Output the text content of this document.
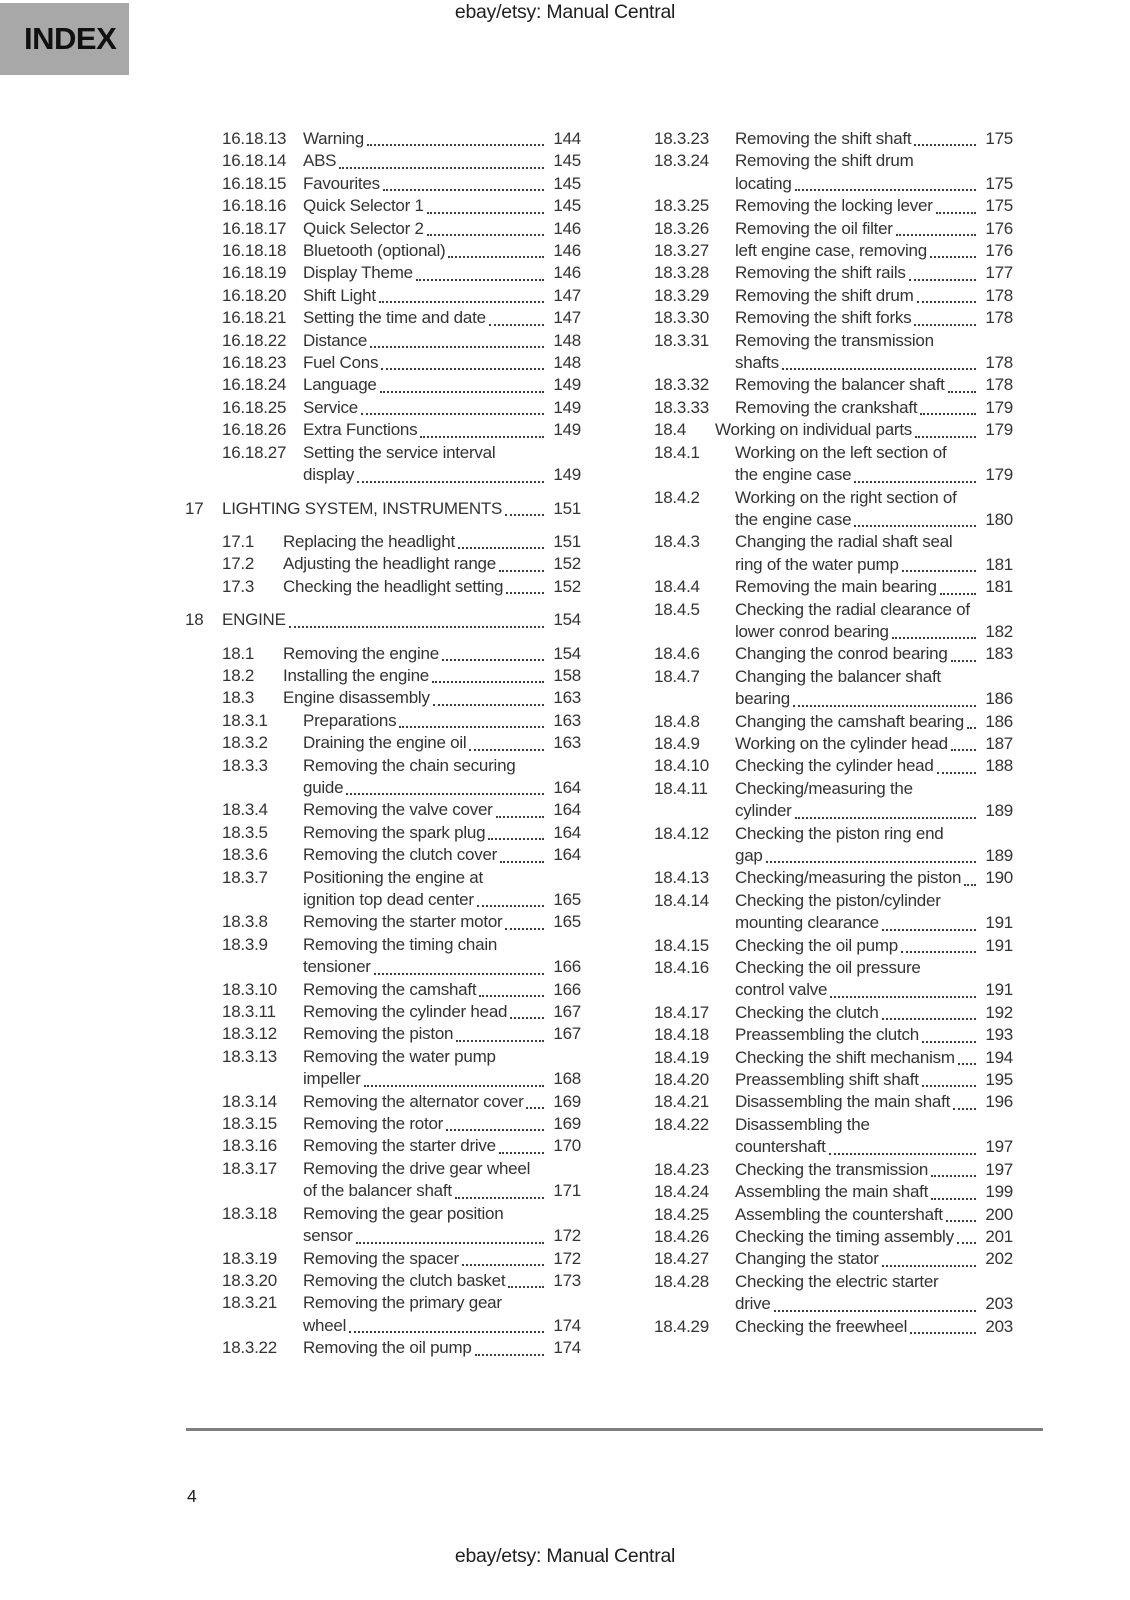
ebay/etsy: Manual Central
INDEX
16.18.13 Warning	144
16.18.14 ABS	145
16.18.15 Favourites	145
16.18.16 Quick Selector 1	145
16.18.17 Quick Selector 2	146
16.18.18 Bluetooth (optional)	146
16.18.19 Display Theme	146
16.18.20 Shift Light	147
16.18.21 Setting the time and date	147
16.18.22 Distance	148
16.18.23 Fuel Cons	148
16.18.24 Language	149
16.18.25 Service	149
16.18.26 Extra Functions	149
16.18.27 Setting the service interval
display	149
17	LIGHTING SYSTEM, INSTRUMENTS	151
17.1	Replacing the headlight	151
17.2	Adjusting the headlight range	152
17.3	Checking the headlight setting	152
18	ENGINE	154
18.1	Removing the engine	154
18.2	Installing the engine	158
18.3	Engine disassembly	163
18.3.1	Preparations	163
18.3.2	Draining the engine oil	163
18.3.3	Removing the chain securing
guide	164
18.3.4	Removing the valve cover	164
18.3.5	Removing the spark plug	164
18.3.6	Removing the clutch cover	164
18.3.7	Positioning the engine at
ignition top dead center	165
18.3.8	Removing the starter motor	165
18.3.9	Removing the timing chain
tensioner	166
18.3.10	Removing the camshaft	166
18.3.11	Removing the cylinder head	167
18.3.12	Removing the piston	167
18.3.13	Removing the water pump
impeller	168
18.3.14	Removing the alternator cover 169
18.3.15	Removing the rotor	169
18.3.16	Removing the starter drive	170
18.3.17	Removing the drive gear wheel
of the balancer shaft	171
18.3.18	Removing the gear position
sensor	172
18.3.19	Removing the spacer	172
18.3.20	Removing the clutch basket	173
18.3.21	Removing the primary gear
wheel	174
18.3.22	Removing the oil pump	174
18.3.23	Removing the shift shaft	175
18.3.24	Removing the shift drum
locating	175
18.3.25	Removing the locking lever	175
18.3.26	Removing the oil filter	176
18.3.27	left engine case, removing	176
18.3.28	Removing the shift rails	177
18.3.29	Removing the shift drum	178
18.3.30	Removing the shift forks	178
18.3.31	Removing the transmission
shafts	178
18.3.32	Removing the balancer shaft 178
18.3.33	Removing the crankshaft	179
18.4	Working on individual parts	179
18.4.1	Working on the left section of
the engine case	179
18.4.2	Working on the right section of
the engine case	180
18.4.3	Changing the radial shaft seal
ring of the water pump	181
18.4.4	Removing the main bearing	181
18.4.5	Checking the radial clearance of
lower conrod bearing	182
18.4.6	Changing the conrod bearing 183
18.4.7	Changing the balancer shaft
bearing	186
18.4.8	Changing the camshaft bearing 186
18.4.9	Working on the cylinder head 187
18.4.10	Checking the cylinder head	188
18.4.11	Checking/measuring the
cylinder	189
18.4.12	Checking the piston ring end
gap	189
18.4.13	Checking/measuring the piston 190
18.4.14	Checking the piston/cylinder
mounting clearance	191
18.4.15	Checking the oil pump	191
18.4.16	Checking the oil pressure
control valve	191
18.4.17	Checking the clutch	192
18.4.18	Preassembling the clutch	193
18.4.19	Checking the shift mechanism 194
18.4.20	Preassembling shift shaft	195
18.4.21	Disassembling the main shaft 196
18.4.22	Disassembling the
countershaft	197
18.4.23	Checking the transmission	197
18.4.24	Assembling the main shaft	199
18.4.25	Assembling the countershaft	200
18.4.26	Checking the timing assembly 201
18.4.27	Changing the stator	202
18.4.28	Checking the electric starter
drive	203
18.4.29	Checking the freewheel	203
4
ebay/etsy: Manual Central
